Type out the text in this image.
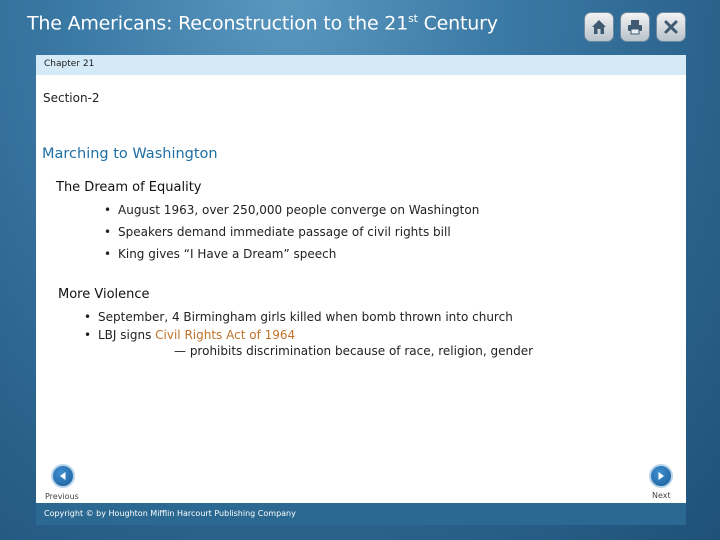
The Americans: Reconstruction to the 21st Century
Chapter 21
Section-2
Marching to Washington
The Dream of Equality
• August 1963, over 250,000 people converge on Washington
• Speakers demand immediate passage of civil rights bill
• King gives “I Have a Dream” speech
More Violence
• September, 4 Birmingham girls killed when bomb thrown into church
• LBJ signs Civil Rights Act of 1964
— prohibits discrimination because of race, religion, gender
Previous	Next
Copyright © by Houghton Mifflin Harcourt Publishing Company
